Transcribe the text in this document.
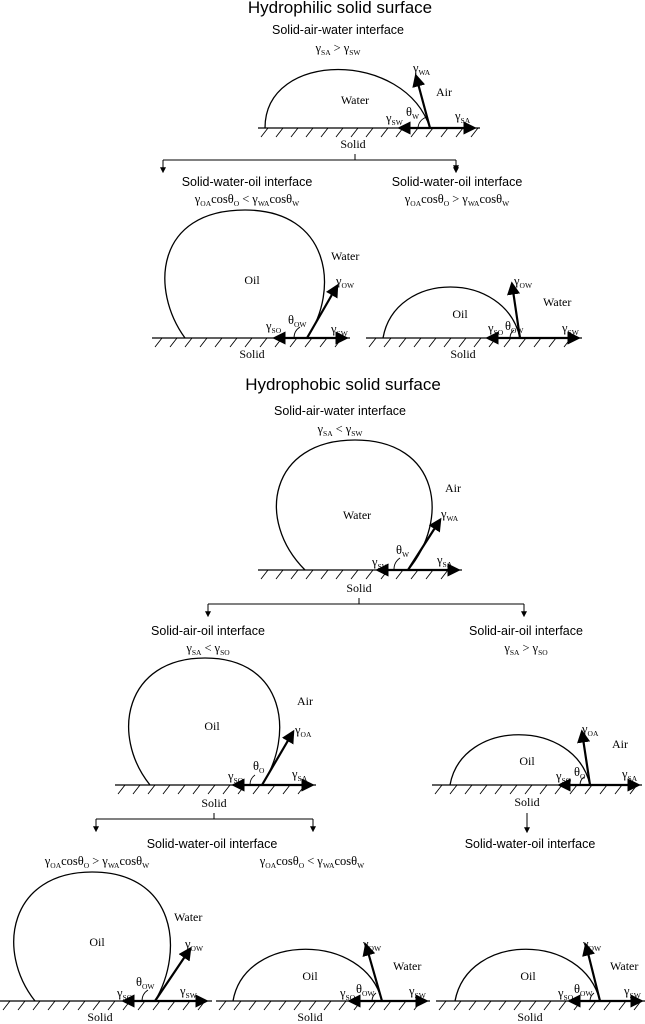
Hydrophilic solid surface
Solid-air-water interface
$\gamma_{SA} > \gamma_{SW}$
Water
Air
$\gamma_{WA}$
$\gamma_{SA}$
$\gamma_{SW}$
$\theta_W$
Solid
Solid-water-oil interface
$\gamma_{OA}\cos\theta_O < \gamma_{WA}\cos\theta_W$
Solid-water-oil interface
$\gamma_{OA}\cos\theta_O > \gamma_{WA}\cos\theta_W$
Oil
Water
$\gamma_{OW}$
$\gamma_{SW}$
$\gamma_{SO}$
$\theta_{OW}$
Solid
Oil
Water
$\gamma_{OW}$
$\gamma_{SW}$
$\gamma_{SO}$ $\theta_{OW}$
Solid
Hydrophobic solid surface
Solid-air-water interface
$\gamma_{SA} < \gamma_{SW}$
Water
Air
$\gamma_{WA}$
$\gamma_{SA}$
$\gamma_{SW}$
$\theta_W$
Solid
Solid-air-oil interface
$\gamma_{SA} < \gamma_{SO}$
Solid-air-oil interface
$\gamma_{SA} > \gamma_{SO}$
Oil
Air
$\gamma_{OA}$
$\gamma_{SA}$
$\gamma_{SO}$
$\theta_O$
Solid
Oil
Air
$\gamma_{OA}$
$\gamma_{SA}$
$\gamma_{SO}$
$\theta_O$
Solid
Solid-water-oil interface
Solid-water-oil interface
$\gamma_{OA}\cos\theta_O > \gamma_{WA}\cos\theta_W$	$\gamma_{OA}\cos\theta_O < \gamma_{WA}\cos\theta_W$
Oil
Water
$\gamma_{OW}$
$\gamma_{SW}$
$\gamma_{SO}$
$\theta_{OW}$
Solid
Oil
Water
$\gamma_{OW}$
$\gamma_{SW}$
$\gamma_{SO}$
$\theta_{OW}$
Solid
Oil
Water
$\gamma_{OW}$
$\gamma_{SW}$
$\gamma_{SO}$
$\theta_{OW}$
Solid
